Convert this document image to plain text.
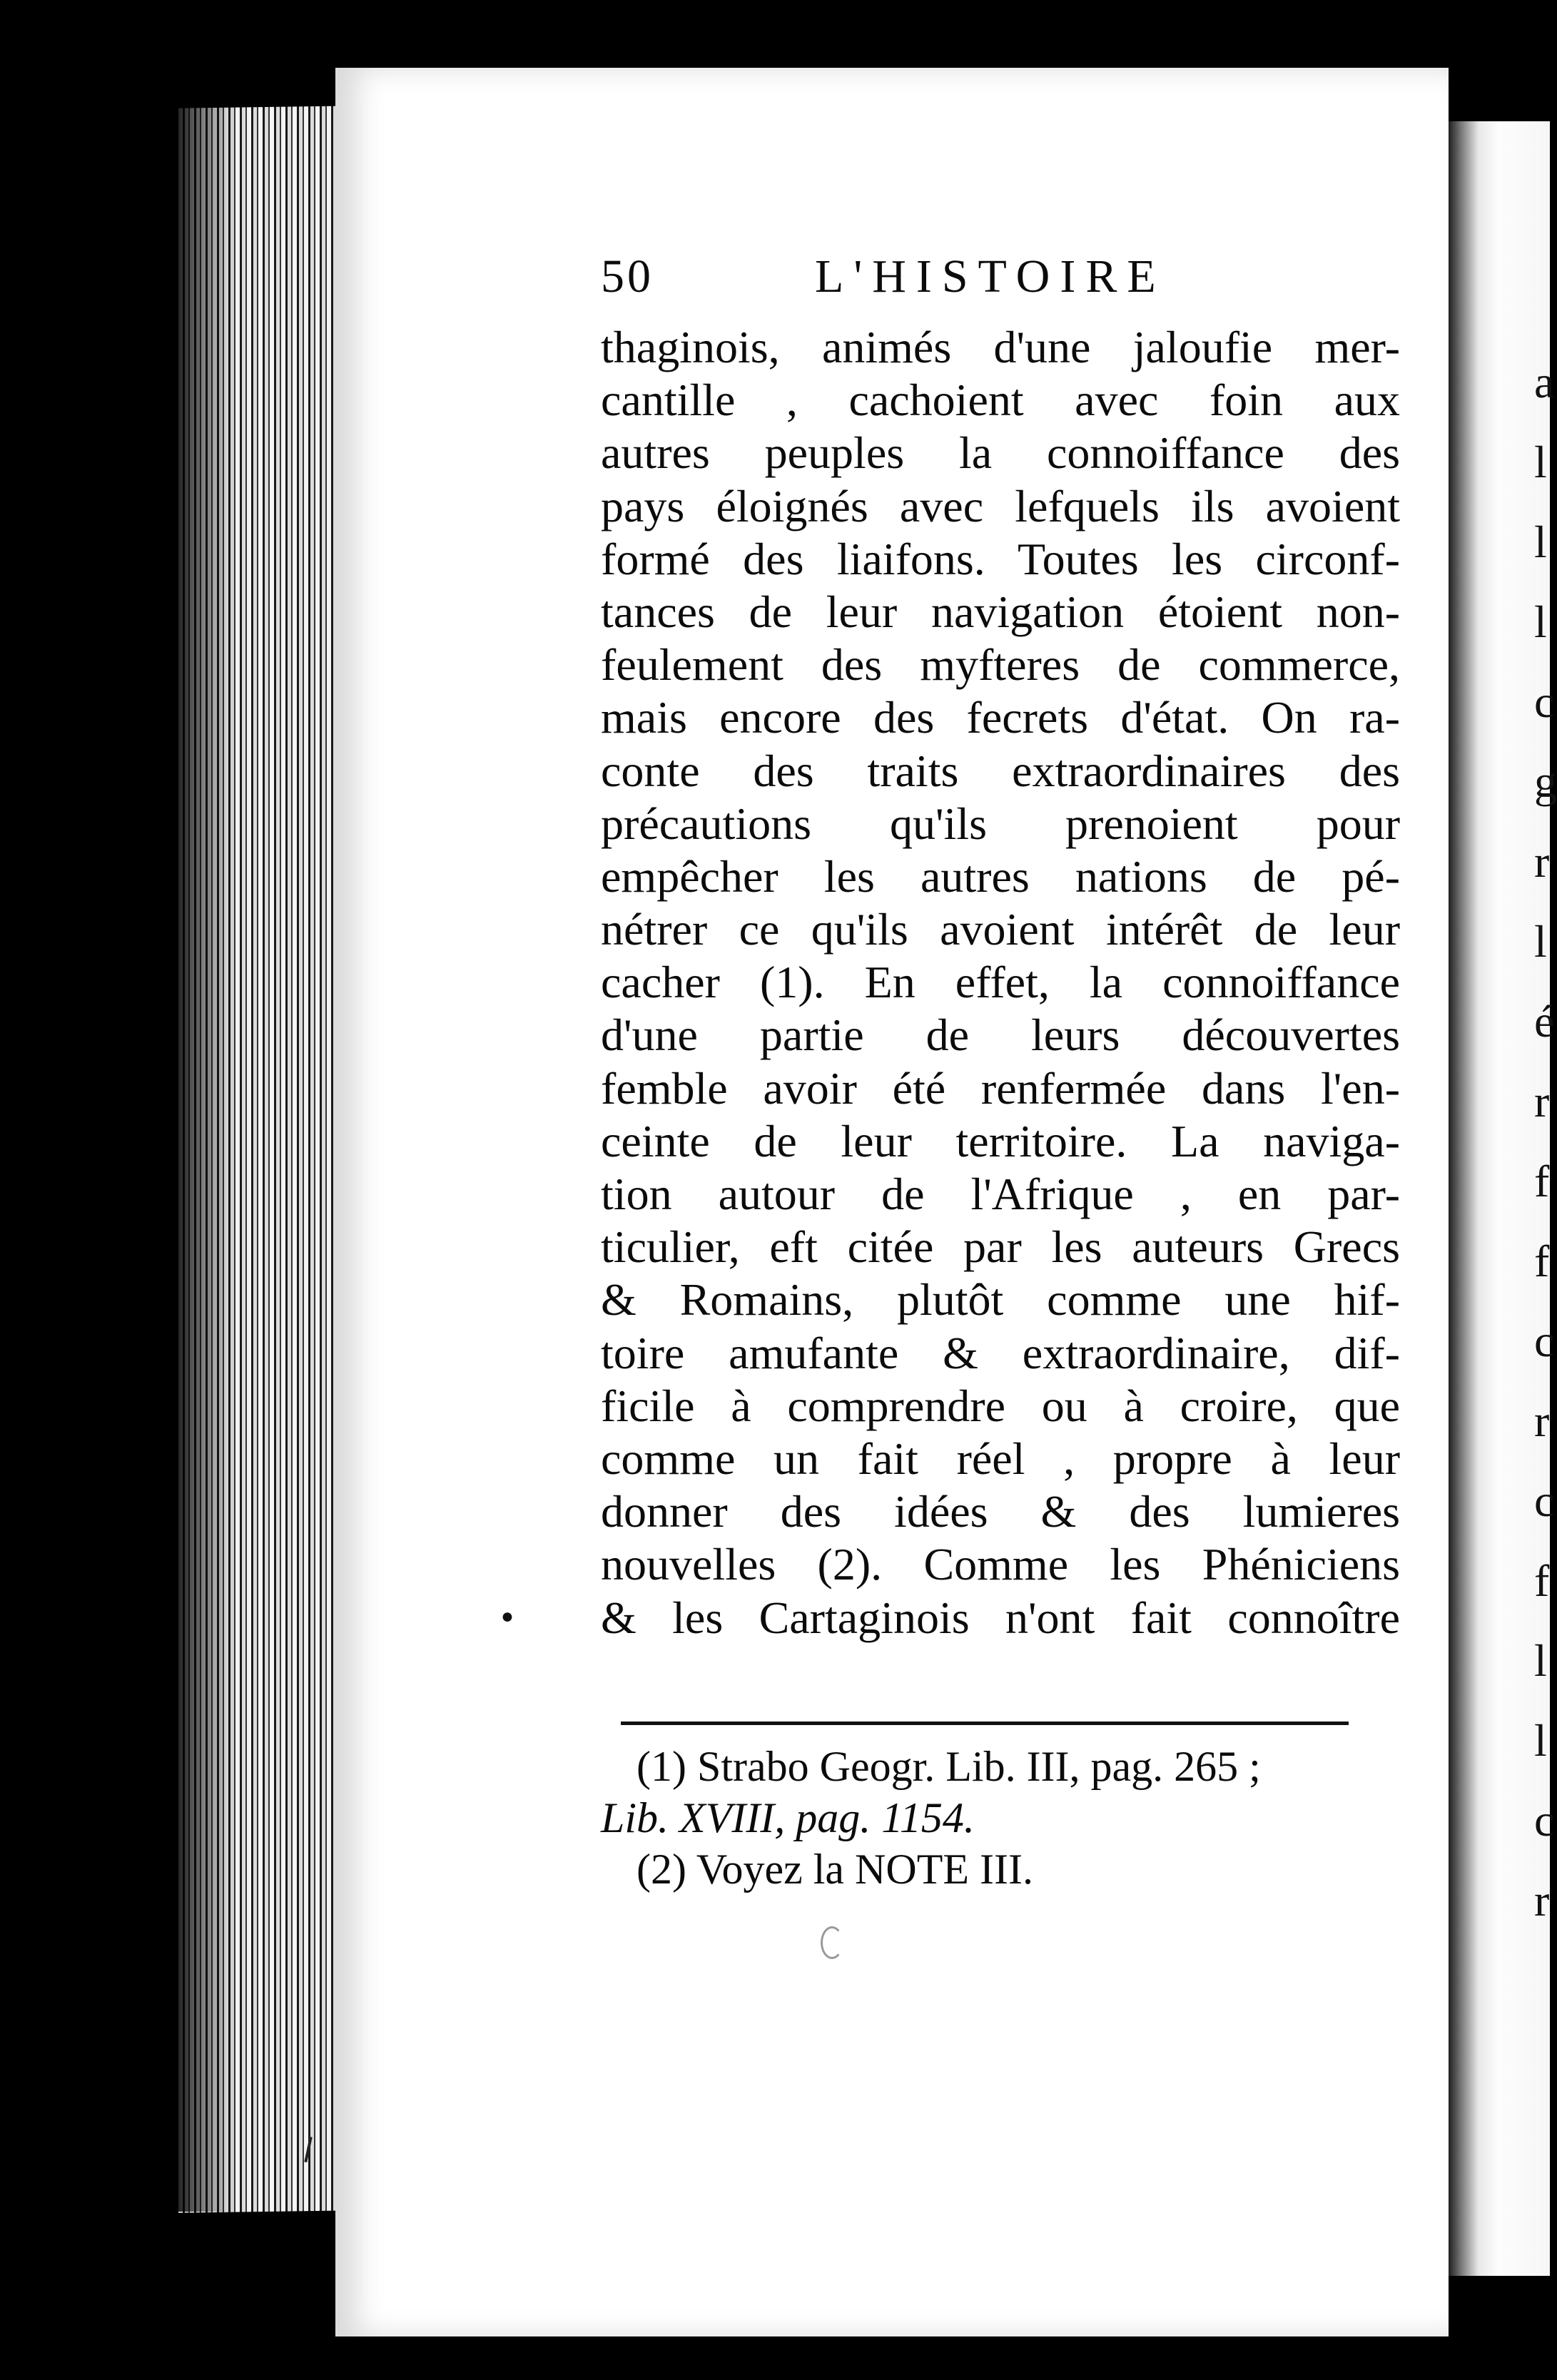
a
l
l
l
c
g
r
l
é
r
f
f
c
r
c
f
l
l
c
r
50	L'HISTOIRE
thaginois, animés d'une jaloufie mer-
cantille , cachoient avec foin aux
autres peuples la connoiffance des
pays éloignés avec lefquels ils avoient
formé des liaifons. Toutes les circonf-
tances de leur navigation étoient non-
feulement des myfteres de commerce,
mais encore des fecrets d'état. On ra-
conte des traits extraordinaires des
précautions qu'ils prenoient pour
empêcher les autres nations de pé-
nétrer ce qu'ils avoient intérêt de leur
cacher (1). En effet, la connoiffance
d'une partie de leurs découvertes
femble avoir été renfermée dans l'en-
ceinte de leur territoire. La naviga-
tion autour de l'Afrique , en par-
ticulier, eft citée par les auteurs Grecs
& Romains, plutôt comme une hif-
toire amufante & extraordinaire, dif-
ficile à comprendre ou à croire, que
comme un fait réel , propre à leur
donner des idées & des lumieres
nouvelles (2). Comme les Phéniciens
& les Cartaginois n'ont fait connoître
(1) Strabo Geogr. Lib. III, pag. 265 ;
Lib. XVIII, pag. 1154.
(2) Voyez la NOTE III.
•
